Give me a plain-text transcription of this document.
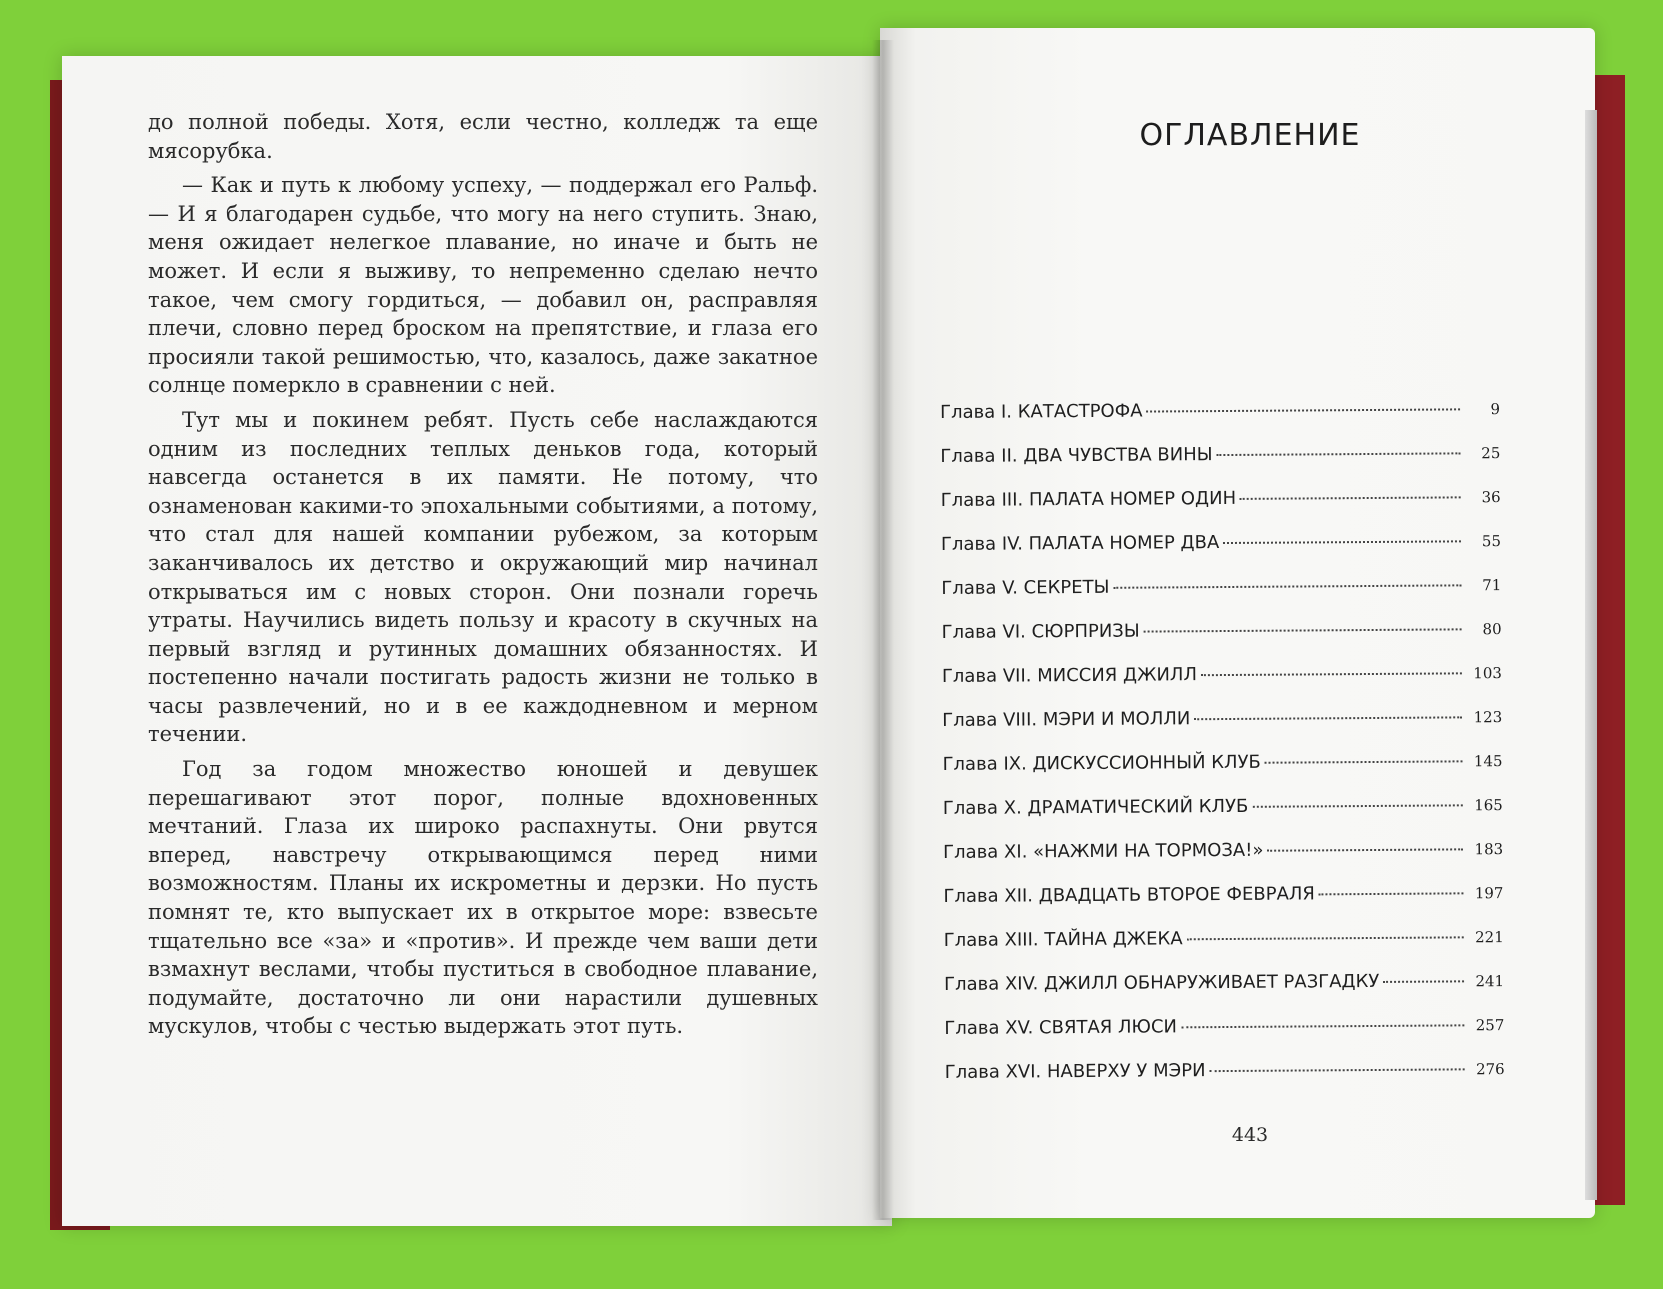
до полной победы. Хотя, если честно, колледж та еще мясорубка.

— Как и путь к любому успеху, — поддержал его Ральф. — И я благодарен судьбе, что могу на него ступить. Знаю, меня ожидает нелегкое плавание, но иначе и быть не может. И если я выживу, то непременно сделаю нечто такое, чем смогу гордиться, — добавил он, расправляя плечи, словно перед броском на препятствие, и глаза его просияли такой решимостью, что, казалось, даже закатное солнце померкло в сравнении с ней.

Тут мы и покинем ребят. Пусть себе наслаждаются одним из последних теплых деньков года, который навсегда останется в их памяти. Не потому, что ознаменован какими-то эпохальными событиями, а потому, что стал для нашей компании рубежом, за которым заканчивалось их детство и окружающий мир начинал открываться им с новых сторон. Они познали горечь утраты. Научились видеть пользу и красоту в скучных на первый взгляд и рутинных домашних обязанностях. И постепенно начали постигать радость жизни не только в часы развлечений, но и в ее каждодневном и мерном течении.

Год за годом множество юношей и девушек перешагивают этот порог, полные вдохновенных мечтаний. Глаза их широко распахнуты. Они рвутся вперед, навстречу открывающимся перед ними возможностям. Планы их искрометны и дерзки. Но пусть помнят те, кто выпускает их в открытое море: взвесьте тщательно все «за» и «против». И прежде чем ваши дети взмахнут веслами, чтобы пуститься в свободное плавание, подумайте, достаточно ли они нарастили душевных мускулов, чтобы с честью выдержать этот путь.

ОГЛАВЛЕНИЕ
Глава I. КАТАСТРОФА	9
Глава II. ДВА ЧУВСТВА ВИНЫ	25
Глава III. ПАЛАТА НОМЕР ОДИН	36
Глава IV. ПАЛАТА НОМЕР ДВА	55
Глава V. СЕКРЕТЫ	71
Глава VI. СЮРПРИЗЫ	80
Глава VII. МИССИЯ ДЖИЛЛ	103
Глава VIII. МЭРИ И МОЛЛИ	123
Глава IX. ДИСКУССИОННЫЙ КЛУБ	145
Глава X. ДРАМАТИЧЕСКИЙ КЛУБ	165
Глава XI. «НАЖМИ НА ТОРМОЗА!»	183
Глава XII. ДВАДЦАТЬ ВТОРОЕ ФЕВРАЛЯ	197
Глава XIII. ТАЙНА ДЖЕКА	221
Глава XIV. ДЖИЛЛ ОБНАРУЖИВАЕТ РАЗГАДКУ	241
Глава XV. СВЯТАЯ ЛЮСИ	257
Глава XVI. НАВЕРХУ У МЭРИ	276
443
